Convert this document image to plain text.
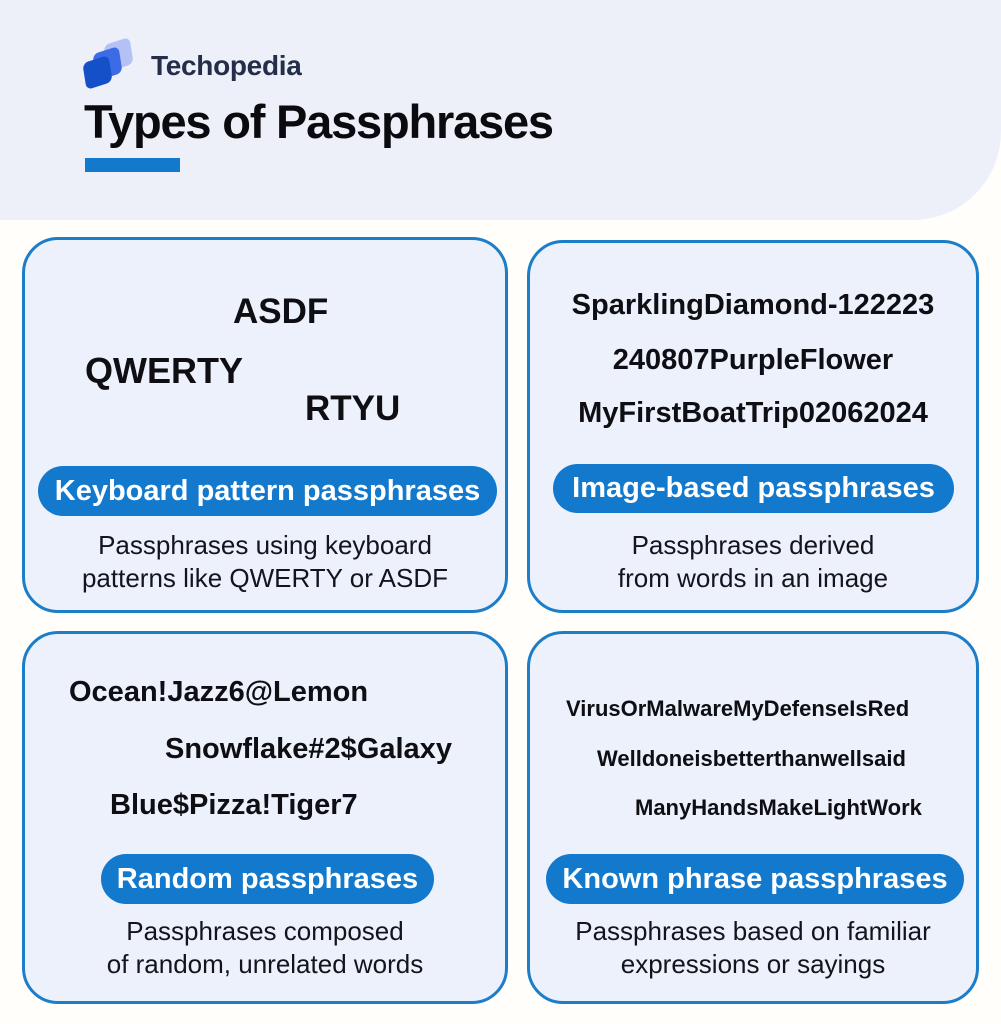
Techopedia
Types of Passphrases
ASDF
QWERTY
RTYU
Keyboard pattern passphrases
Passphrases using keyboard
patterns like QWERTY or ASDF
SparklingDiamond-122223
240807PurpleFlower
MyFirstBoatTrip02062024
Image-based passphrases
Passphrases derived
from words in an image
Ocean!Jazz6@Lemon
Snowflake#2$Galaxy
Blue$Pizza!Tiger7
Random passphrases
Passphrases composed
of random, unrelated words
VirusOrMalwareMyDefenseIsRed
Welldoneisbetterthanwellsaid
ManyHandsMakeLightWork
Known phrase passphrases
Passphrases based on familiar
expressions or sayings
